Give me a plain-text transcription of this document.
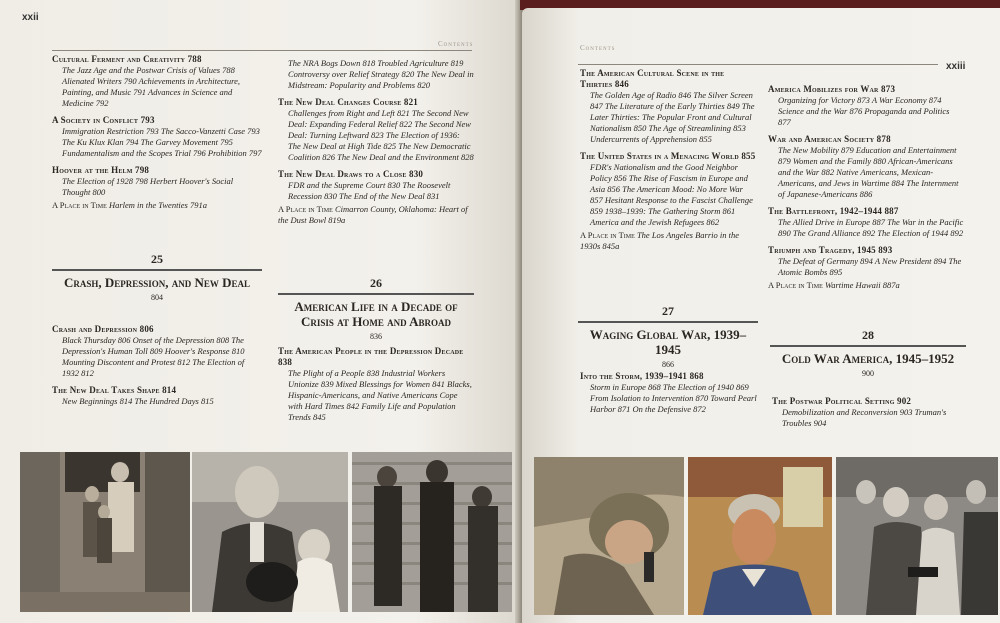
xxii
Contents
Cultural Ferment and Creativity 788
The Jazz Age and the Postwar Crisis of Values 788 Alienated Writers 790 Achievements in Architecture, Painting, and Music 791 Advances in Science and Medicine 792
A Society in Conflict 793
Immigration Restriction 793 The Sacco-Vanzetti Case 793 The Ku Klux Klan 794 The Garvey Movement 795 Fundamentalism and the Scopes Trial 796 Prohibition 797
Hoover at the Helm 798
The Election of 1928 798 Herbert Hoover's Social Thought 800
A Place in Time Harlem in the Twenties 791a
The NRA Bogs Down 818 Troubled Agriculture 819 Controversy over Relief Strategy 820 The New Deal in Midstream: Popularity and Problems 820
The New Deal Changes Course 821
Challenges from Right and Left 821 The Second New Deal: Expanding Federal Relief 822 The Second New Deal: Turning Leftward 823 The Election of 1936: The New Deal at High Tide 825 The New Democratic Coalition 826 The New Deal and the Environment 828
The New Deal Draws to a Close 830
FDR and the Supreme Court 830 The Roosevelt Recession 830 The End of the New Deal 831
A Place in Time Cimarron County, Oklahoma: Heart of the Dust Bowl 819a
25
Crash, Depression, and New Deal
804
26
American Life in a Decade of Crisis at Home and Abroad
836
Crash and Depression 806
Black Thursday 806 Onset of the Depression 808 The Depression's Human Toll 809 Hoover's Response 810 Mounting Discontent and Protest 812 The Election of 1932 812
The New Deal Takes Shape 814
New Beginnings 814 The Hundred Days 815
The American People in the Depression Decade 838
The Plight of a People 838 Industrial Workers Unionize 839 Mixed Blessings for Women 841 Blacks, Hispanic-Americans, and Native Americans Cope with Hard Times 842 Family Life and Population Trends 845
Contents
xxiii
The American Cultural Scene in the Thirties 846
The Golden Age of Radio 846 The Silver Screen 847 The Literature of the Early Thirties 849 The Later Thirties: The Popular Front and Cultural Nationalism 850 The Age of Streamlining 853 Undercurrents of Apprehension 855
The United States in a Menacing World 855
FDR's Nationalism and the Good Neighbor Policy 856 The Rise of Fascism in Europe and Asia 856 The American Mood: No More War 857 Hesitant Response to the Fascist Challenge 859 1938–1939: The Gathering Storm 861 America and the Jewish Refugees 862
A Place in Time The Los Angeles Barrio in the 1930s 845a
America Mobilizes for War 873
Organizing for Victory 873 A War Economy 874 Science and the War 876 Propaganda and Politics 877
War and American Society 878
The New Mobility 879 Education and Entertainment 879 Women and the Family 880 African-Americans and the War 882 Native Americans, Mexican-Americans, and Jews in Wartime 884 The Internment of Japanese-Americans 886
The Battlefront, 1942–1944 887
The Allied Drive in Europe 887 The War in the Pacific 890 The Grand Alliance 892 The Election of 1944 892
Triumph and Tragedy, 1945 893
The Defeat of Germany 894 A New President 894 The Atomic Bombs 895
A Place in Time Wartime Hawaii 887a
27
Waging Global War, 1939–1945
866
28
Cold War America, 1945–1952
900
Into the Storm, 1939–1941 868
Storm in Europe 868 The Election of 1940 869 From Isolation to Intervention 870 Toward Pearl Harbor 871 On the Defensive 872
The Postwar Political Setting 902
Demobilization and Reconversion 903 Truman's Troubles 904
